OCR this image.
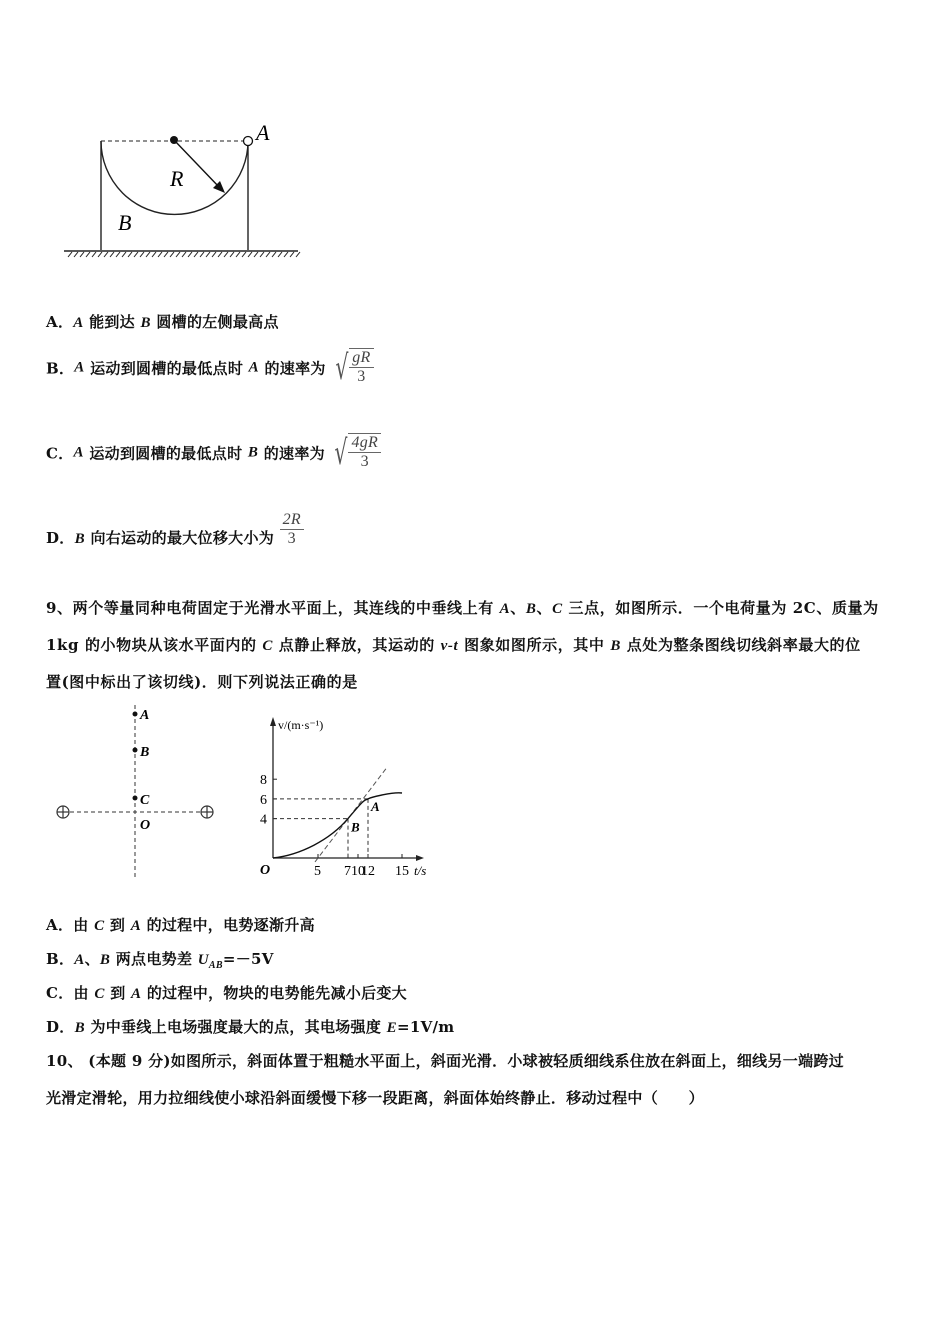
A
R
B
A．A 能到达 B 圆槽的左侧最高点
B．A 运动到圆槽的最低点时 A 的速率为 √ $\frac{gR}{3}$
C．A 运动到圆槽的最低点时 B 的速率为 √ $\frac{4gR}{3}$
D．B 向右运动的最大位移大小为 $\frac{2R}{3}$
9、两个等量同种电荷固定于光滑水平面上，其连线的中垂线上有 A、B、C 三点，如图所示．一个电荷量为 2C、质量为
1kg 的小物块从该水平面内的 C 点静止释放，其运动的 v-t 图象如图所示，其中 B 点处为整条图线切线斜率最大的位
置(图中标出了该切线)．则下列说法正确的是
A
B
C
O
5 7 10
12 15
4
6
8
B
A
v/(m·s⁻¹)
t/s
O
A．由 C 到 A 的过程中，电势逐渐升高
B．A、B 两点电势差 $U_{AB}=-5V$
C．由 C 到 A 的过程中，物块的电势能先减小后变大
D．B 为中垂线上电场强度最大的点，其电场强度 E=1V/m
10、 (本题 9 分)如图所示，斜面体置于粗糙水平面上，斜面光滑．小球被轻质细线系住放在斜面上，细线另一端跨过
光滑定滑轮，用力拉细线使小球沿斜面缓慢下移一段距离，斜面体始终静止．移动过程中（　　）
